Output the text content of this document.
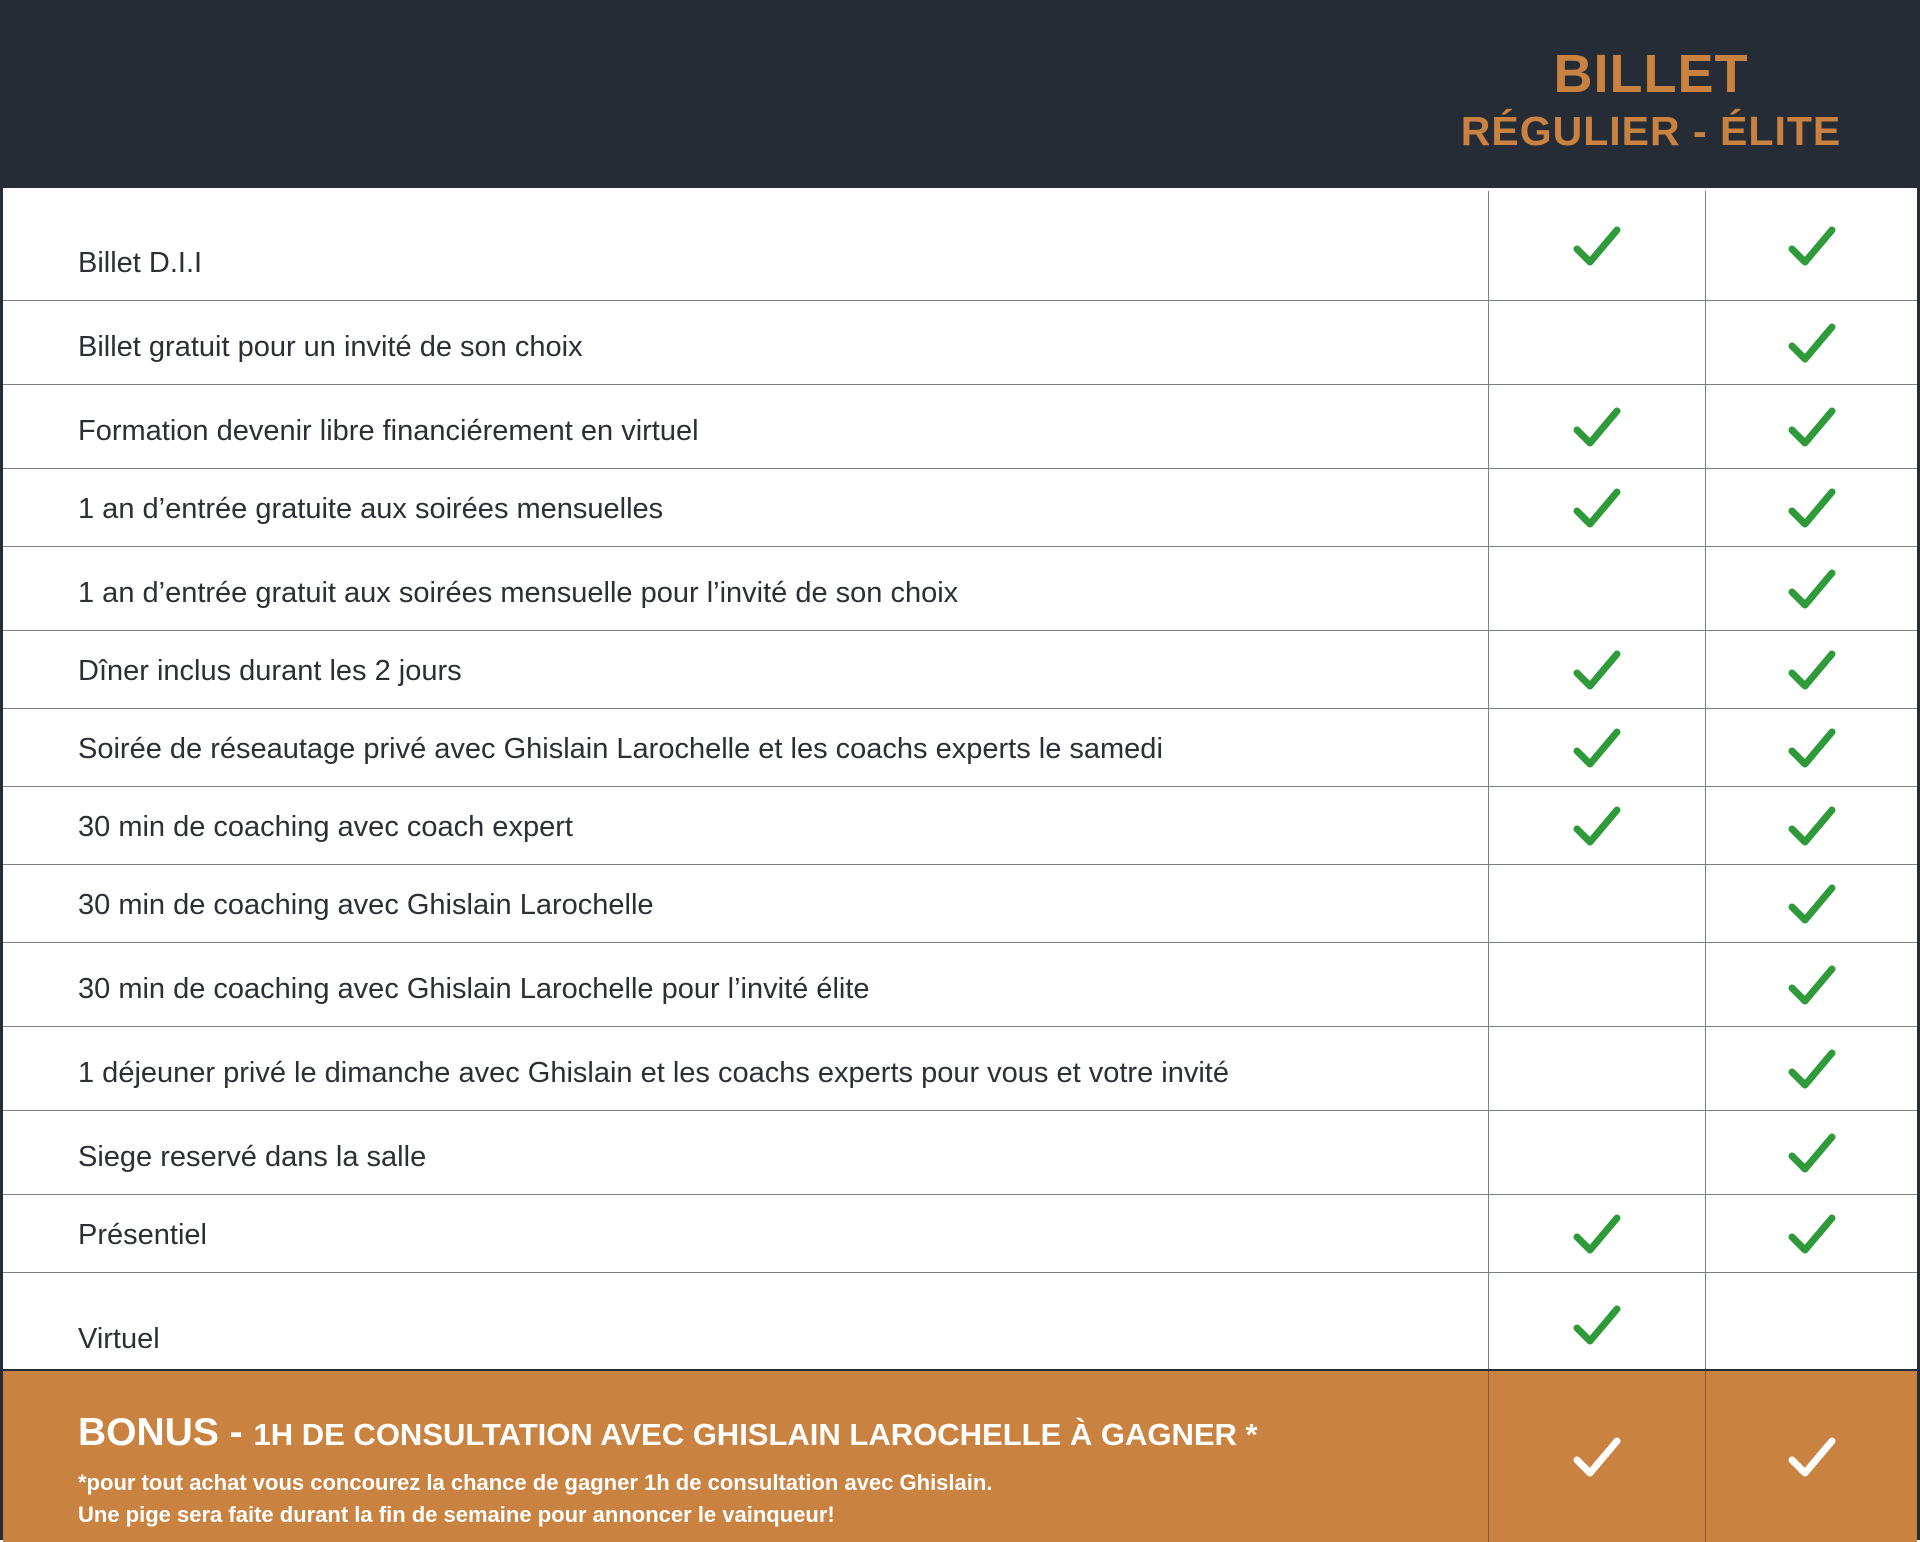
BILLET
RÉGULIER - ÉLITE
Billet D.I.I
Billet gratuit pour un invité de son choix
Formation devenir libre financiérement en virtuel
1 an d’entrée gratuite aux soirées mensuelles
1 an d’entrée gratuit aux soirées mensuelle pour l’invité de son choix
Dîner inclus durant les 2 jours
Soirée de réseautage privé avec Ghislain Larochelle et les coachs experts le samedi
30 min de coaching avec coach expert
30 min de coaching avec Ghislain Larochelle
30 min de coaching avec Ghislain Larochelle pour l’invité élite
1 déjeuner privé le dimanche avec Ghislain et les coachs experts pour vous et votre invité
Siege reservé dans la salle
Présentiel
Virtuel
BONUS - 1H DE CONSULTATION AVEC GHISLAIN LAROCHELLE À GAGNER *
*pour tout achat vous concourez la chance de gagner 1h de consultation avec Ghislain.
Une pige sera faite durant la fin de semaine pour annoncer le vainqueur!
